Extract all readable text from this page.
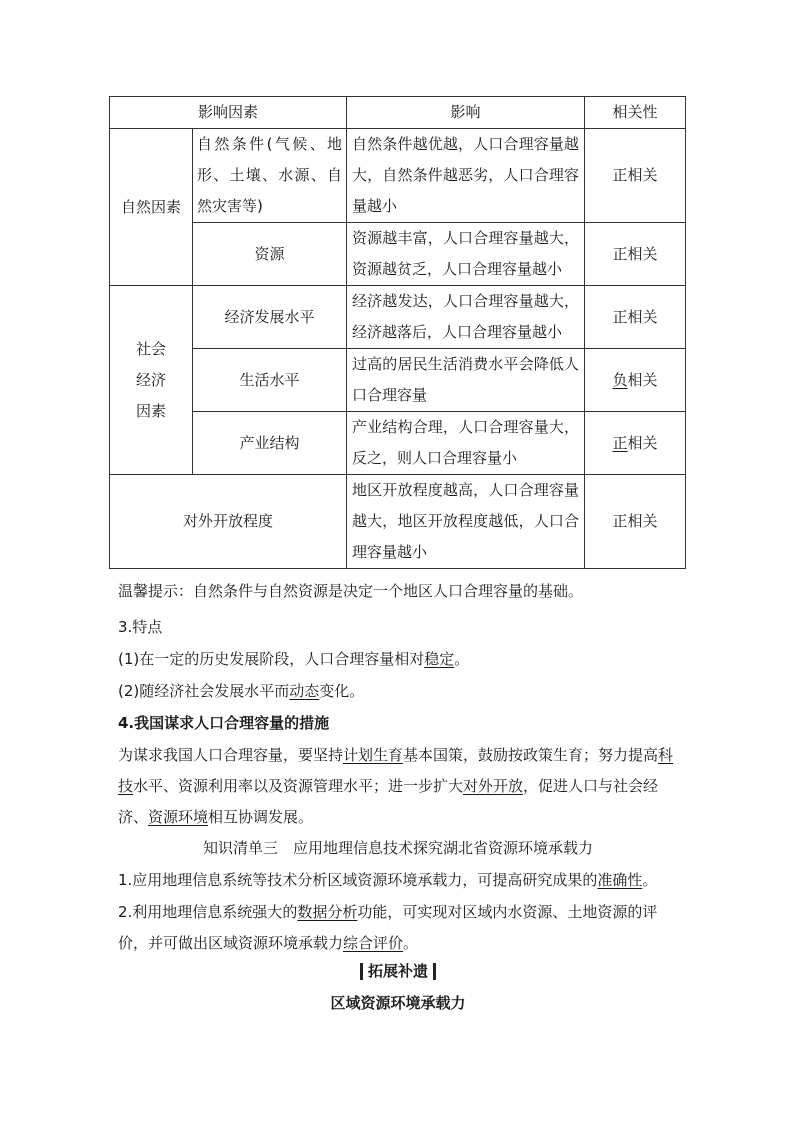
影响因素		影响	相关性
自然因素	自然条件(气候、地形、土壤、水源、自然灾害等)	自然条件越优越，人口合理容量越大，自然条件越恶劣，人口合理容量越小	正相关
	资源	资源越丰富，人口合理容量越大，资源越贫乏，人口合理容量越小	正相关

社会
经济
因素	经济发展水平	经济越发达，人口合理容量越大，经济越落后，人口合理容量越小	正相关
	生活水平	过高的居民生活消费水平会降低人口合理容量	负相关
	产业结构	产业结构合理，人口合理容量大，反之，则人口合理容量小	正相关
对外开放程度		地区开放程度越高，人口合理容量越大，地区开放程度越低，人口合理容量越小	正相关
温馨提示：自然条件与自然资源是决定一个地区人口合理容量的基础。
3.特点
(1)在一定的历史发展阶段，人口合理容量相对稳定。
(2)随经济社会发展水平而动态变化。
4.我国谋求人口合理容量的措施
为谋求我国人口合理容量，要坚持计划生育基本国策，鼓励按政策生育；努力提高科技水平、资源利用率以及资源管理水平；进一步扩大对外开放，促进人口与社会经济、资源环境相互协调发展。
知识清单三　应用地理信息技术探究湖北省资源环境承载力
1.应用地理信息系统等技术分析区域资源环境承载力，可提高研究成果的准确性。
2.利用地理信息系统强大的数据分析功能，可实现对区域内水资源、土地资源的评价，并可做出区域资源环境承载力综合评价。
拓展补遗
区域资源环境承载力
